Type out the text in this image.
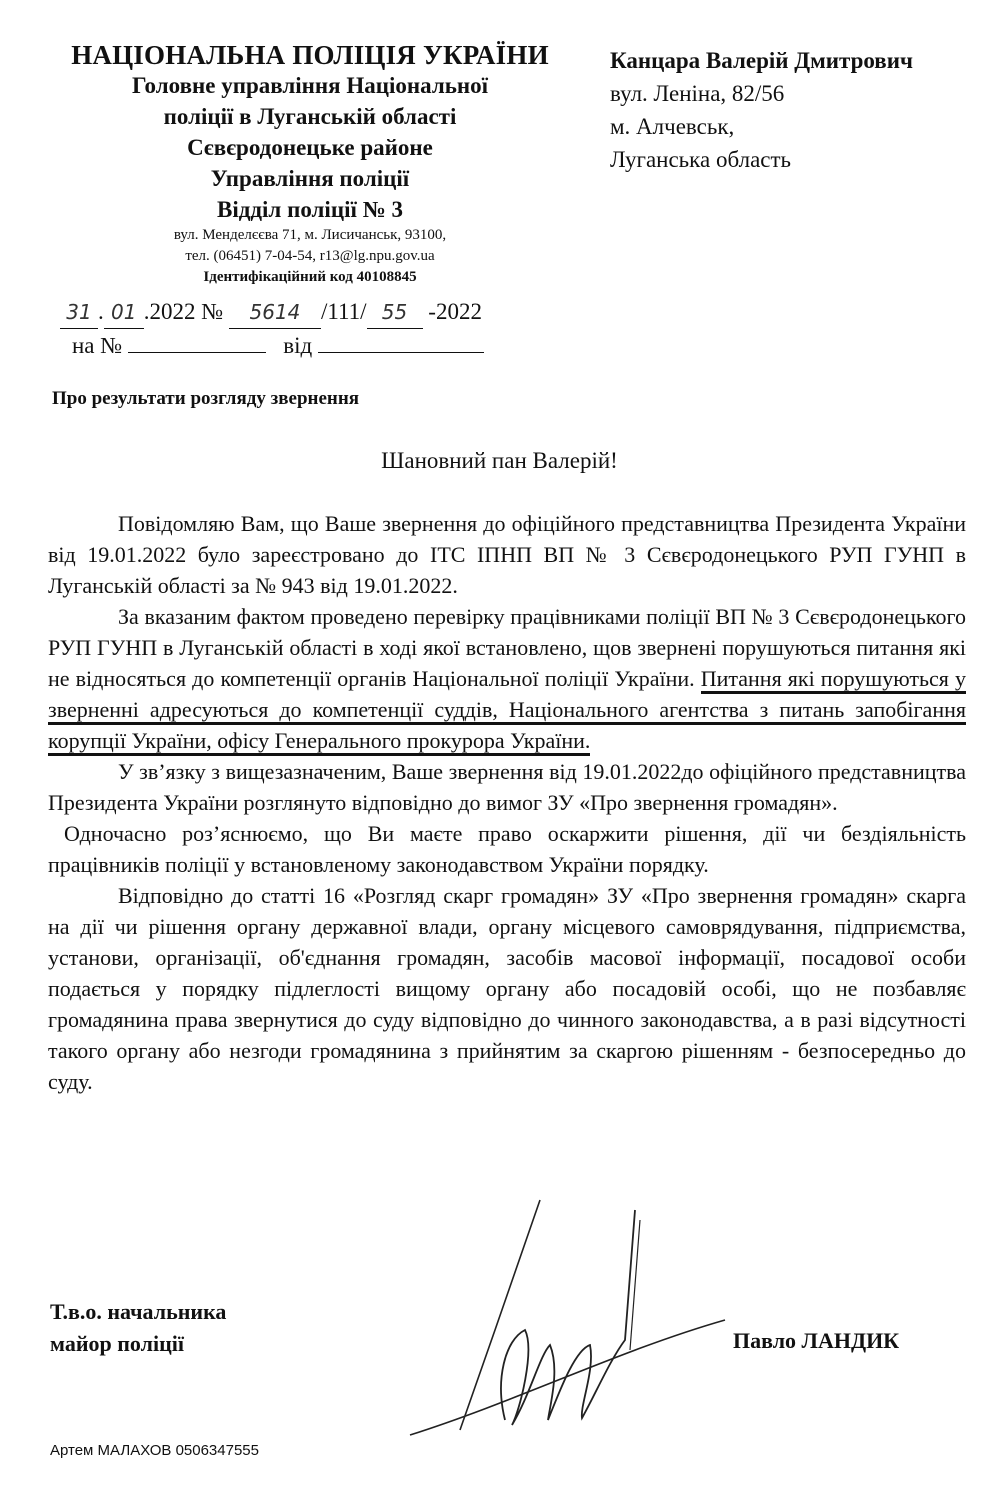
НАЦІОНАЛЬНА ПОЛІЦІЯ УКРАЇНИ
Головне управління Національної
поліції в Луганській області
Сєвєродонецьке районе
Управління поліції
Відділ поліції № 3
вул. Менделєєва 71, м. Лисичанськ, 93100,
тел. (06451) 7-04-54, r13@lg.npu.gov.ua
Ідентифікаційний код 40108845
Канцара Валерій Дмитрович
вул. Леніна, 82/56
м. Алчевськ,
Луганська область
31 . 01 .2022 № 5614 /111/ 55 -2022
на №	від
Про результати розгляду звернення
Шановний пан Валерій!

Повідомляю Вам, що Ваше звернення до офіційного представництва Президента України від 19.01.2022 було зареєстровано до ІТС ІПНП ВП № 3 Сєвєродонецького РУП ГУНП в Луганській області за № 943 від 19.01.2022.

За вказаним фактом проведено перевірку працівниками поліції ВП № 3 Сєвєродонецького РУП ГУНП в Луганській області в ході якої встановлено, щов звернені порушуються питання які не відносяться до компетенції органів Національної поліції України. Питання які порушуються у зверненні адресуються до компетенції суддів, Національного агентства з питань запобігання корупції України, офісу Генерального прокурора України.

У зв’язку з вищезазначеним, Ваше звернення від 19.01.2022до офіційного представництва Президента України розглянуто відповідно до вимог ЗУ «Про звернення громадян».

Одночасно роз’яснюємо, що Ви маєте право оскаржити рішення, дії чи бездіяльність працівників поліції у встановленому законодавством України порядку.

Відповідно до статті 16 «Розгляд скарг громадян» ЗУ «Про звернення громадян» скарга на дії чи рішення органу державної влади, органу місцевого самоврядування, підприємства, установи, організації, об'єднання громадян, засобів масової інформації, посадової особи подається у порядку підлеглості вищому органу або посадовій особі, що не позбавляє громадянина права звернутися до суду відповідно до чинного законодавства, а в разі відсутності такого органу або незгоди громадянина з прийнятим за скаргою рішенням - безпосередньо до суду.

Т.в.о. начальника
майор поліції	Павло ЛАНДИК
Артем МАЛАХОВ 0506347555
